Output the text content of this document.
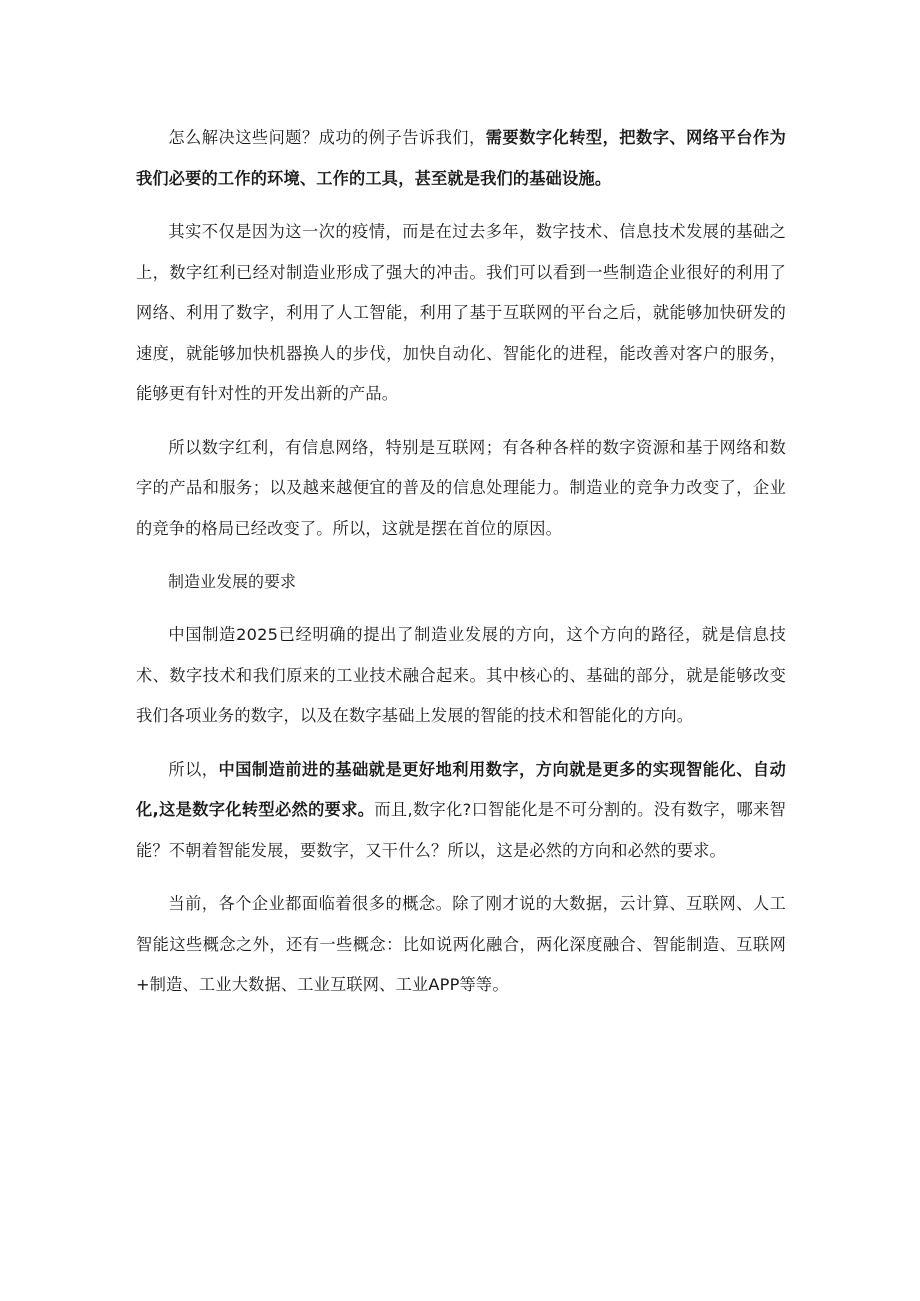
怎么解决这些问题？成功的例子告诉我们，需要数字化转型，把数字、网络平台作为我们必要的工作的环境、工作的工具，甚至就是我们的基础设施。

其实不仅是因为这一次的疫情，而是在过去多年，数字技术、信息技术发展的基础之上，数字红利已经对制造业形成了强大的冲击。我们可以看到一些制造企业很好的利用了网络、利用了数字，利用了人工智能，利用了基于互联网的平台之后，就能够加快研发的速度，就能够加快机器换人的步伐，加快自动化、智能化的进程，能改善对客户的服务，能够更有针对性的开发出新的产品。

所以数字红利，有信息网络，特别是互联网；有各种各样的数字资源和基于网络和数字的产品和服务；以及越来越便宜的普及的信息处理能力。制造业的竞争力改变了，企业的竞争的格局已经改变了。所以，这就是摆在首位的原因。

制造业发展的要求

中国制造2025已经明确的提出了制造业发展的方向，这个方向的路径，就是信息技术、数字技术和我们原来的工业技术融合起来。其中核心的、基础的部分，就是能够改变我们各项业务的数字，以及在数字基础上发展的智能的技术和智能化的方向。

所以，中国制造前进的基础就是更好地利用数字，方向就是更多的实现智能化、自动化,这是数字化转型必然的要求。而且,数字化?口智能化是不可分割的。没有数字，哪来智能？不朝着智能发展，要数字，又干什么？所以，这是必然的方向和必然的要求。

当前，各个企业都面临着很多的概念。除了刚才说的大数据，云计算、互联网、人工智能这些概念之外，还有一些概念：比如说两化融合，两化深度融合、智能制造、互联网+制造、工业大数据、工业互联网、工业APP等等。
